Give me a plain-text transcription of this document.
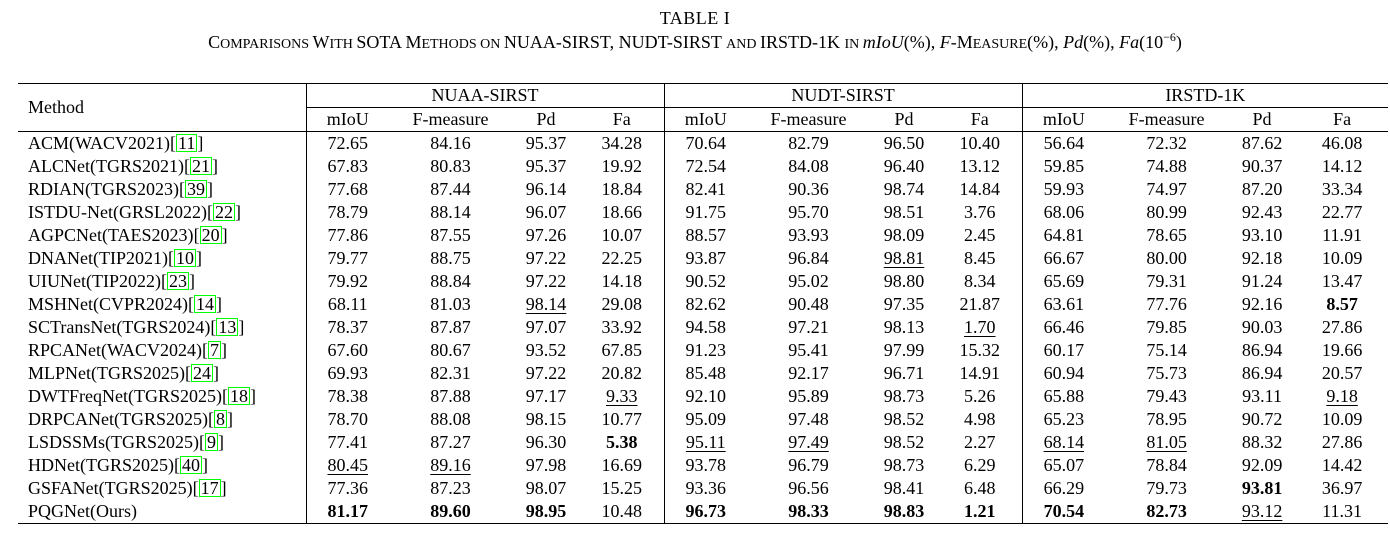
TABLE I
COMPARISONS WITH SOTA METHODS ON NUAA-SIRST, NUDT-SIRST AND IRSTD-1K IN mIoU(%), F-MEASURE(%), Pd(%), $Fa(10^{-6})$
Method	NUAA-SIRST				NUDT-SIRST				IRSTD-1K			
	mIoU	F-measure	Pd	Fa	mIoU	F-measure	Pd	Fa	mIoU	F-measure	Pd	Fa
ACM(WACV2021)[ 11 ]	72.65	84.16	95.37	34.28	70.64	82.79	96.50	10.40	56.64	72.32	87.62	46.08
ALCNet(TGRS2021)[ 21 ]	67.83	80.83	95.37	19.92	72.54	84.08	96.40	13.12	59.85	74.88	90.37	14.12
RDIAN(TGRS2023)[ 39 ]	77.68	87.44	96.14	18.84	82.41	90.36	98.74	14.84	59.93	74.97	87.20	33.34
ISTDU-Net(GRSL2022)[ 22 ]	78.79	88.14	96.07	18.66	91.75	95.70	98.51	3.76	68.06	80.99	92.43	22.77
AGPCNet(TAES2023)[ 20 ]	77.86	87.55	97.26	10.07	88.57	93.93	98.09	2.45	64.81	78.65	93.10	11.91
DNANet(TIP2021)[ 10 ]	79.77	88.75	97.22	22.25	93.87	96.84	98.81	8.45	66.67	80.00	92.18	10.09
UIUNet(TIP2022)[ 23 ]	79.92	88.84	97.22	14.18	90.52	95.02	98.80	8.34	65.69	79.31	91.24	13.47
MSHNet(CVPR2024)[ 14 ]	68.11	81.03	98.14	29.08	82.62	90.48	97.35	21.87	63.61	77.76	92.16	8.57
SCTransNet(TGRS2024)[ 13 ]	78.37	87.87	97.07	33.92	94.58	97.21	98.13	1.70	66.46	79.85	90.03	27.86
RPCANet(WACV2024)[ 7 ]	67.60	80.67	93.52	67.85	91.23	95.41	97.99	15.32	60.17	75.14	86.94	19.66
MLPNet(TGRS2025)[ 24 ]	69.93	82.31	97.22	20.82	85.48	92.17	96.71	14.91	60.94	75.73	86.94	20.57
DWTFreqNet(TGRS2025)[ 18 ]	78.38	87.88	97.17	9.33	92.10	95.89	98.73	5.26	65.88	79.43	93.11	9.18
DRPCANet(TGRS2025)[ 8 ]	78.70	88.08	98.15	10.77	95.09	97.48	98.52	4.98	65.23	78.95	90.72	10.09
LSDSSMs(TGRS2025)[ 9 ]	77.41	87.27	96.30	5.38	95.11	97.49	98.52	2.27	68.14	81.05	88.32	27.86
HDNet(TGRS2025)[ 40 ]	80.45	89.16	97.98	16.69	93.78	96.79	98.73	6.29	65.07	78.84	92.09	14.42
GSFANet(TGRS2025)[ 17 ]	77.36	87.23	98.07	15.25	93.36	96.56	98.41	6.48	66.29	79.73	93.81	36.97
PQGNet(Ours)	81.17	89.60	98.95	10.48	96.73	98.33	98.83	1.21	70.54	82.73	93.12	11.31
